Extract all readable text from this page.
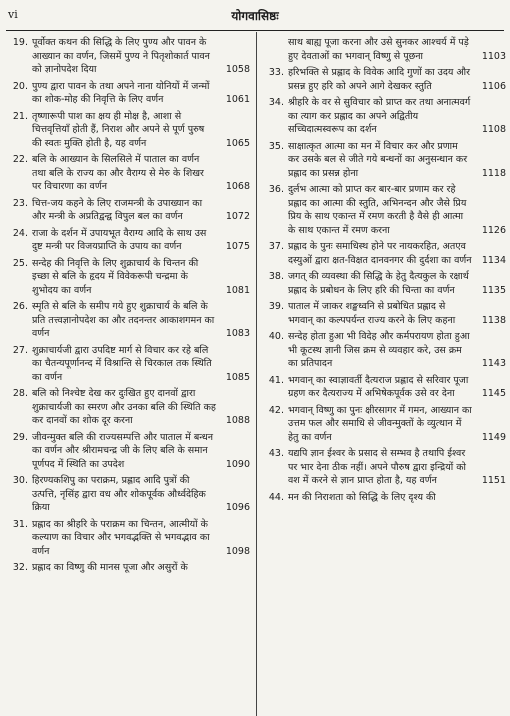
vi	योगवासिष्ठः
19. पूर्वोक्त कथन की सिद्धि के लिए पुण्य और पावन के आख्यान का वर्णन, जिसमें पुण्य ने पितृशोकार्त पावन को ज्ञानोपदेश दिया	1058
20. पुण्य द्वारा पावन के तथा अपने नाना योनियों में जन्मों का शोक-मोह की निवृत्ति के लिए वर्णन	1061
21. तृष्णारूपी पाश का क्षय ही मोक्ष है, आशा से चित्तवृत्तियाँ होती हैं, निराश और अपने से पूर्ण पुरुष की स्वतः मुक्ति होती है, यह वर्णन	1065
22. बलि के आख्यान के सिलसिले में पाताल का वर्णन तथा बलि के राज्य का और वैराग्य से मेरु के शिखर पर विचारणा का वर्णन	1068
23. चित्त-जय कहने के लिए राजमन्त्री के उपाख्यान का और मन्त्री के अप्रतिद्वन्द्व विपुल बल का वर्णन	1072
24. राजा के दर्शन में उपायभूत वैराग्य आदि के साथ उस दुष्ट मन्त्री पर विजयप्राप्ति के उपाय का वर्णन	1075
25. सन्देह की निवृत्ति के लिए शुक्राचार्य के चिन्तन की इच्छा से बलि के हृदय में विवेकरूपी चन्द्रमा के शुभोदय का वर्णन	1081
26. स्मृति से बलि के समीप गये हुए शुक्राचार्य के बलि के प्रति तत्त्वज्ञानोपदेश का और तदनन्तर आकाशगमन का वर्णन	1083
27. शुक्राचार्यजी द्वारा उपदिष्ट मार्ग से विचार कर रहे बलि का चैतन्यपूर्णानन्द में विश्रान्ति से चिरकाल तक स्थिति का वर्णन	1085
28. बलि को निश्चेष्ट देख कर दुःखित हुए दानवों द्वारा शुक्राचार्यजी का स्मरण और उनका बलि की स्थिति कह कर दानवों का शोक दूर करना	1088
29. जीवन्मुक्त बलि की राज्यसम्पत्ति और पाताल में बन्धन का वर्णन और श्रीरामचन्द्र जी के लिए बलि के समान पूर्णपद में स्थिति का उपदेश	1090
30. हिरण्यकशिपु का पराक्रम, प्रह्लाद आदि पुत्रों की उत्पत्ति, नृसिंह द्वारा वध और शोकपूर्वक और्ध्वदेहिक क्रिया	1096
31. प्रह्लाद का श्रीहरि के पराक्रम का चिन्तन, आत्मीयों के कल्याण का विचार और भगवद्भक्ति से भगवद्भाव का वर्णन	1098
32. प्रह्लाद का विष्णु की मानस पूजा और असुरों के
साथ बाह्य पूजा करना और उसे सुनकर आश्चर्य में पड़े हुए देवताओं का भगवान् विष्णु से पूछना	1103
33. हरिभक्ति से प्रह्लाद के विवेक आदि गुणों का उदय और प्रसन्न हुए हरि को अपने आगे देखकर स्तुति	1106
34. श्रीहरि के वर से सुविचार को प्राप्त कर तथा अनात्मवर्ग का त्याग कर प्रह्लाद का अपने अद्वितीय सच्चिदात्मस्वरूप का दर्शन	1108
35. साक्षात्कृत आत्मा का मन में विचार कर और प्रणाम कर उसके बल से जीते गये बन्धनों का अनुसन्धान कर प्रह्लाद का प्रसन्न होना	1118
36. दुर्लभ आत्मा को प्राप्त कर बार-बार प्रणाम कर रहे प्रह्लाद का आत्मा की स्तुति, अभिनन्दन और जैसे प्रिय प्रिय के साथ एकान्त में रमण करती है वैसे ही आत्मा के साथ एकान्त में रमण करना	1126
37. प्रह्लाद के पुनः समाधिस्थ होने पर नायकरहित, अतएव दस्युओं द्वारा क्षत-विक्षत दानवनगर की दुर्दशा का वर्णन 1134
38. जगत् की व्यवस्था की सिद्धि के हेतु दैत्यकुल के रक्षार्थ प्रह्लाद के प्रबोधन के लिए हरि की चिन्ता का वर्णन	1135
39. पाताल में जाकर शङ्खध्वनि से प्रबोधित प्रह्लाद से भगवान् का कल्पपर्यन्त राज्य करने के लिए कहना	1138
40. सन्देह होता हुआ भी विदेह और कर्मपरायण होता हुआ भी कूटस्थ ज्ञानी जिस क्रम से व्यवहार करे, उस क्रम का प्रतिपादन	1143
41. भगवान् का स्वाज्ञावर्ती दैत्यराज प्रह्लाद से सरिवार पूजा ग्रहण कर दैत्यराज्य में अभिषेकपूर्वक उसे वर देना	1145
42. भगवान् विष्णु का पुनः क्षीरसागर में गमन, आख्यान का उत्तम फल और समाधि से जीवन्मुक्तों के व्युत्थान में हेतु का वर्णन	1149
43. यद्यपि ज्ञान ईश्वर के प्रसाद से सम्भव है तथापि ईश्वर पर भार देना ठीक नहीं। अपने पौरुष द्वारा इन्द्रियों को वश में करने से ज्ञान प्राप्त होता है, यह वर्णन	1151
44. मन की निराशता को सिद्धि के लिए दृश्य की
